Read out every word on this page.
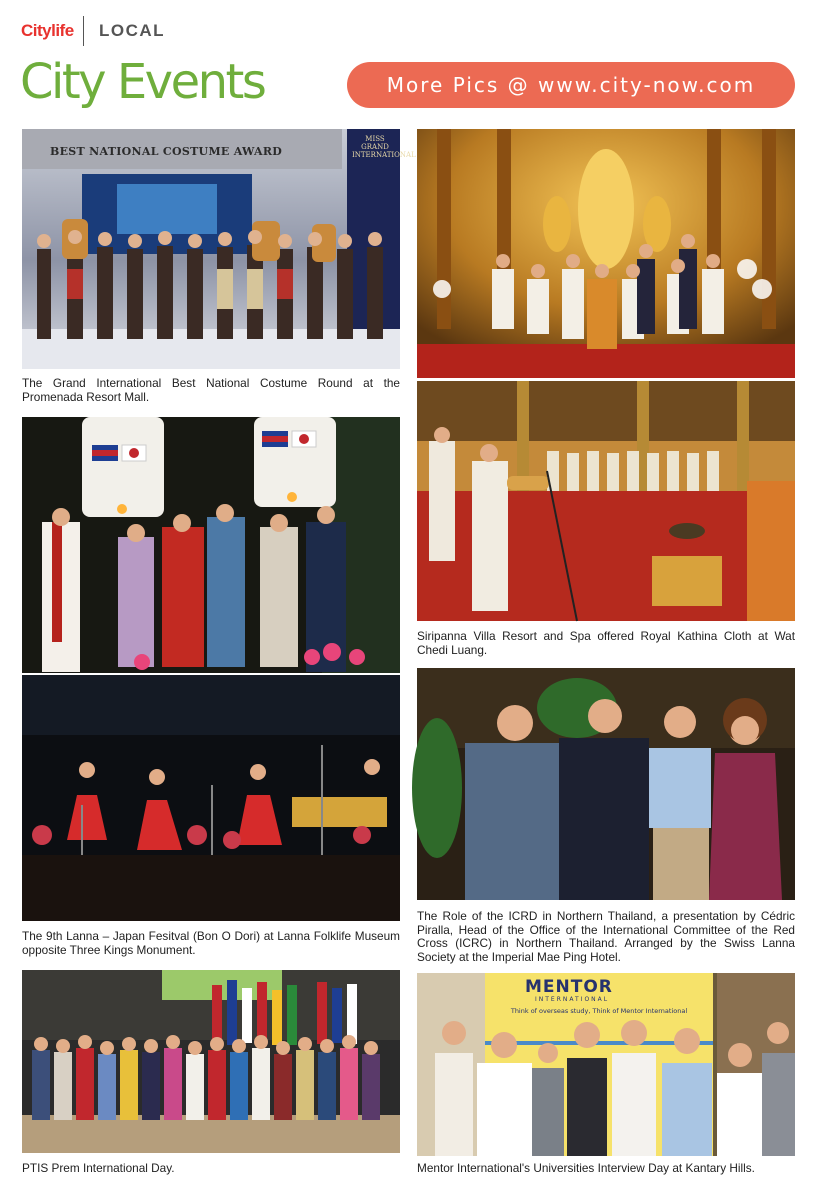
Citylife LOCAL
City Events	More Pics @ www.city-now.com
BEST NATIONAL COSTUME AWARD
MISS GRAND INTERNATIONAL
The Grand International Best National Costume Round at the Promenada Resort Mall.
Siripanna Villa Resort and Spa offered Royal Kathina Cloth at Wat Chedi Luang.
The 9th Lanna – Japan Fesitval (Bon O Dori) at Lanna Folklife Museum opposite Three Kings Monument.
The Role of the ICRD in Northern Thailand, a presentation by Cédric Piralla, Head of the Office of the International Committee of the Red Cross (ICRC) in Northern Thailand. Arranged by the Swiss Lanna Society at the Imperial Mae Ping Hotel.
PTIS Prem International Day.
MENTOR
INTERNATIONAL
Think of overseas study, Think of Mentor International
Mentor International's Universities Interview Day at Kantary Hills.
